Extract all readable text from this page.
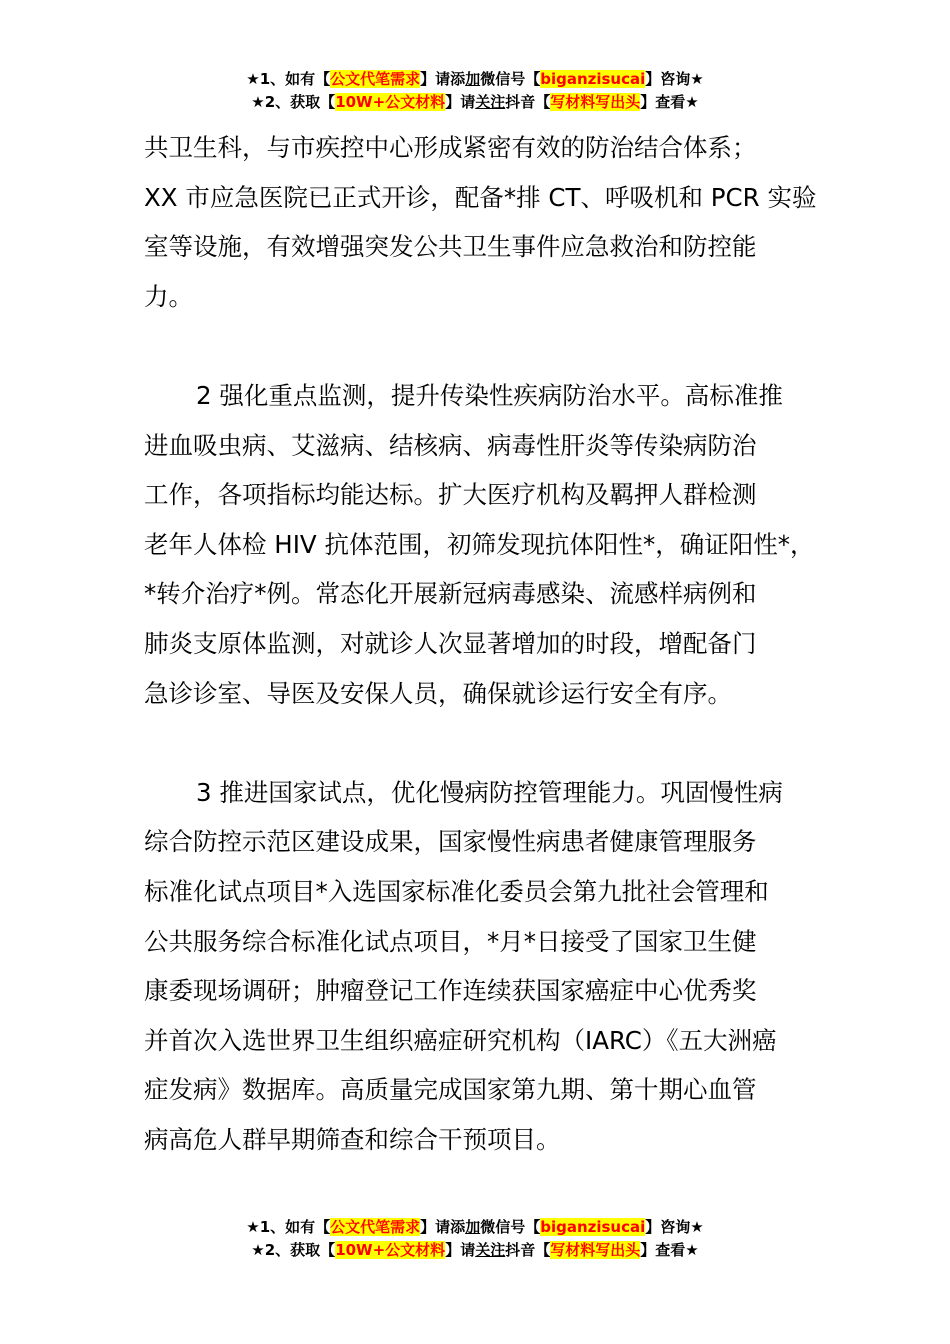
★1、如有【公文代笔需求】请添加微信号【biganzisucai】咨询★
★2、获取【10W+公文材料】请关注抖音【写材料写出头】查看★

共卫生科，与市疾控中心形成紧密有效的防治结合体系；
XX 市应急医院已正式开诊，配备*排 CT、呼吸机和 PCR 实验
室等设施，有效增强突发公共卫生事件应急救治和防控能
力。

2 强化重点监测，提升传染性疾病防治水平。高标准推
进血吸虫病、艾滋病、结核病、病毒性肝炎等传染病防治
工作，各项指标均能达标。扩大医疗机构及羁押人群检测
老年人体检 HIV 抗体范围，初筛发现抗体阳性*，确证阳性*，
*转介治疗*例。常态化开展新冠病毒感染、流感样病例和
肺炎支原体监测，对就诊人次显著增加的时段，增配备门
急诊诊室、导医及安保人员，确保就诊运行安全有序。

3 推进国家试点，优化慢病防控管理能力。巩固慢性病
综合防控示范区建设成果，国家慢性病患者健康管理服务
标准化试点项目*入选国家标准化委员会第九批社会管理和
公共服务综合标准化试点项目，*月*日接受了国家卫生健
康委现场调研；肿瘤登记工作连续获国家癌症中心优秀奖
并首次入选世界卫生组织癌症研究机构（IARC）《五大洲癌
症发病》数据库。高质量完成国家第九期、第十期心血管
病高危人群早期筛查和综合干预项目。

★1、如有【公文代笔需求】请添加微信号【biganzisucai】咨询★
★2、获取【10W+公文材料】请关注抖音【写材料写出头】查看★
